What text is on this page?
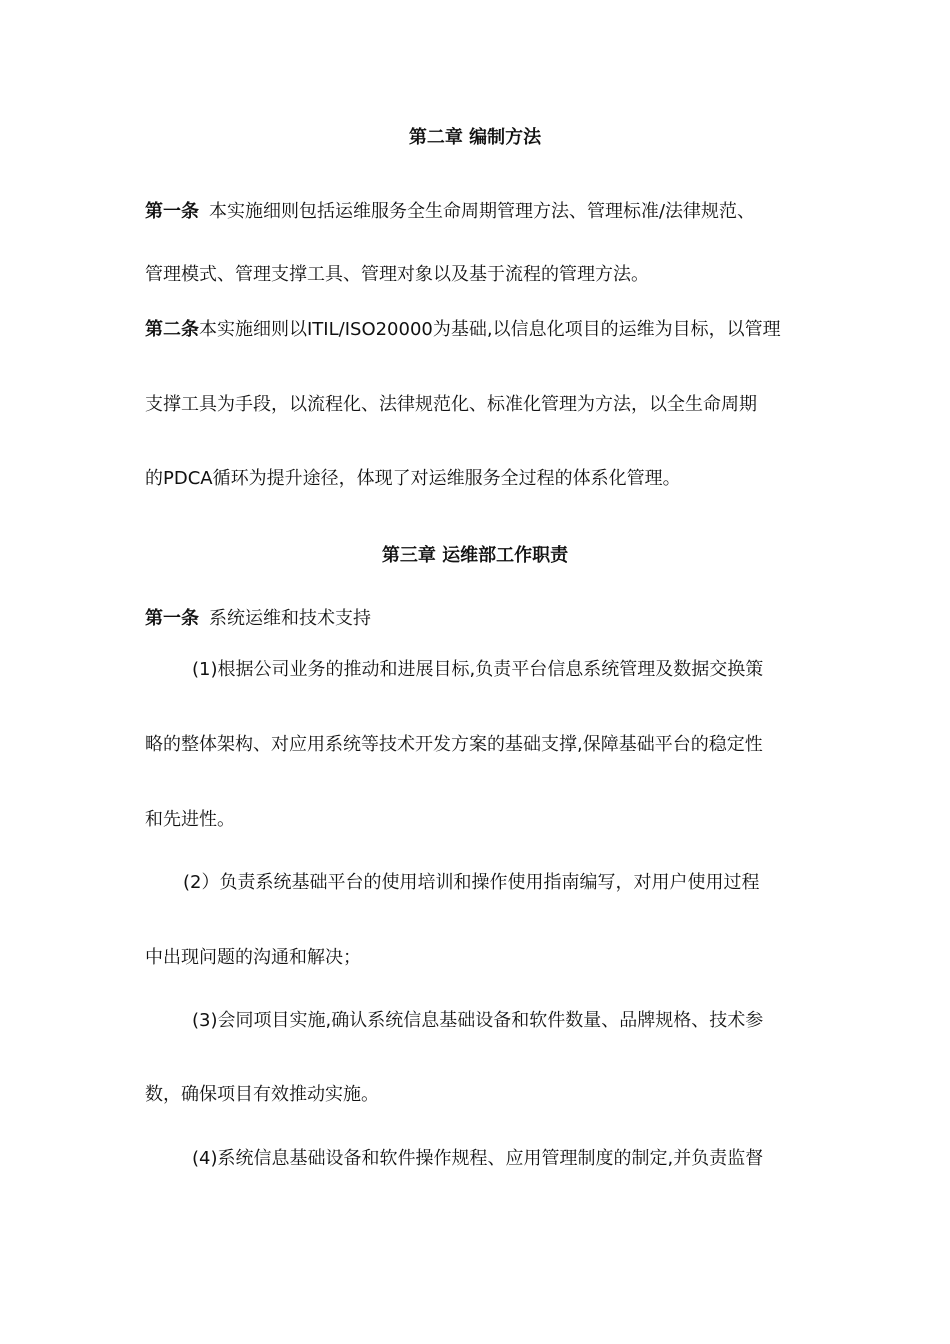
第二章 编制方法
第一条 本实施细则包括运维服务全生命周期管理方法、管理标准/法律规范、
管理模式、管理支撑工具、管理对象以及基于流程的管理方法。
第二条本实施细则以ITIL/ISO20000为基础,以信息化项目的运维为目标，以管理
支撑工具为手段，以流程化、法律规范化、标准化管理为方法，以全生命周期
的PDCA循环为提升途径，体现了对运维服务全过程的体系化管理。
第三章 运维部工作职责
第一条 系统运维和技术支持
(1)根据公司业务的推动和进展目标,负责平台信息系统管理及数据交换策
略的整体架构、对应用系统等技术开发方案的基础支撑,保障基础平台的稳定性
和先进性。
(2）负责系统基础平台的使用培训和操作使用指南编写，对用户使用过程
中出现问题的沟通和解决；
(3)会同项目实施,确认系统信息基础设备和软件数量、品牌规格、技术参
数，确保项目有效推动实施。
(4)系统信息基础设备和软件操作规程、应用管理制度的制定,并负责监督
